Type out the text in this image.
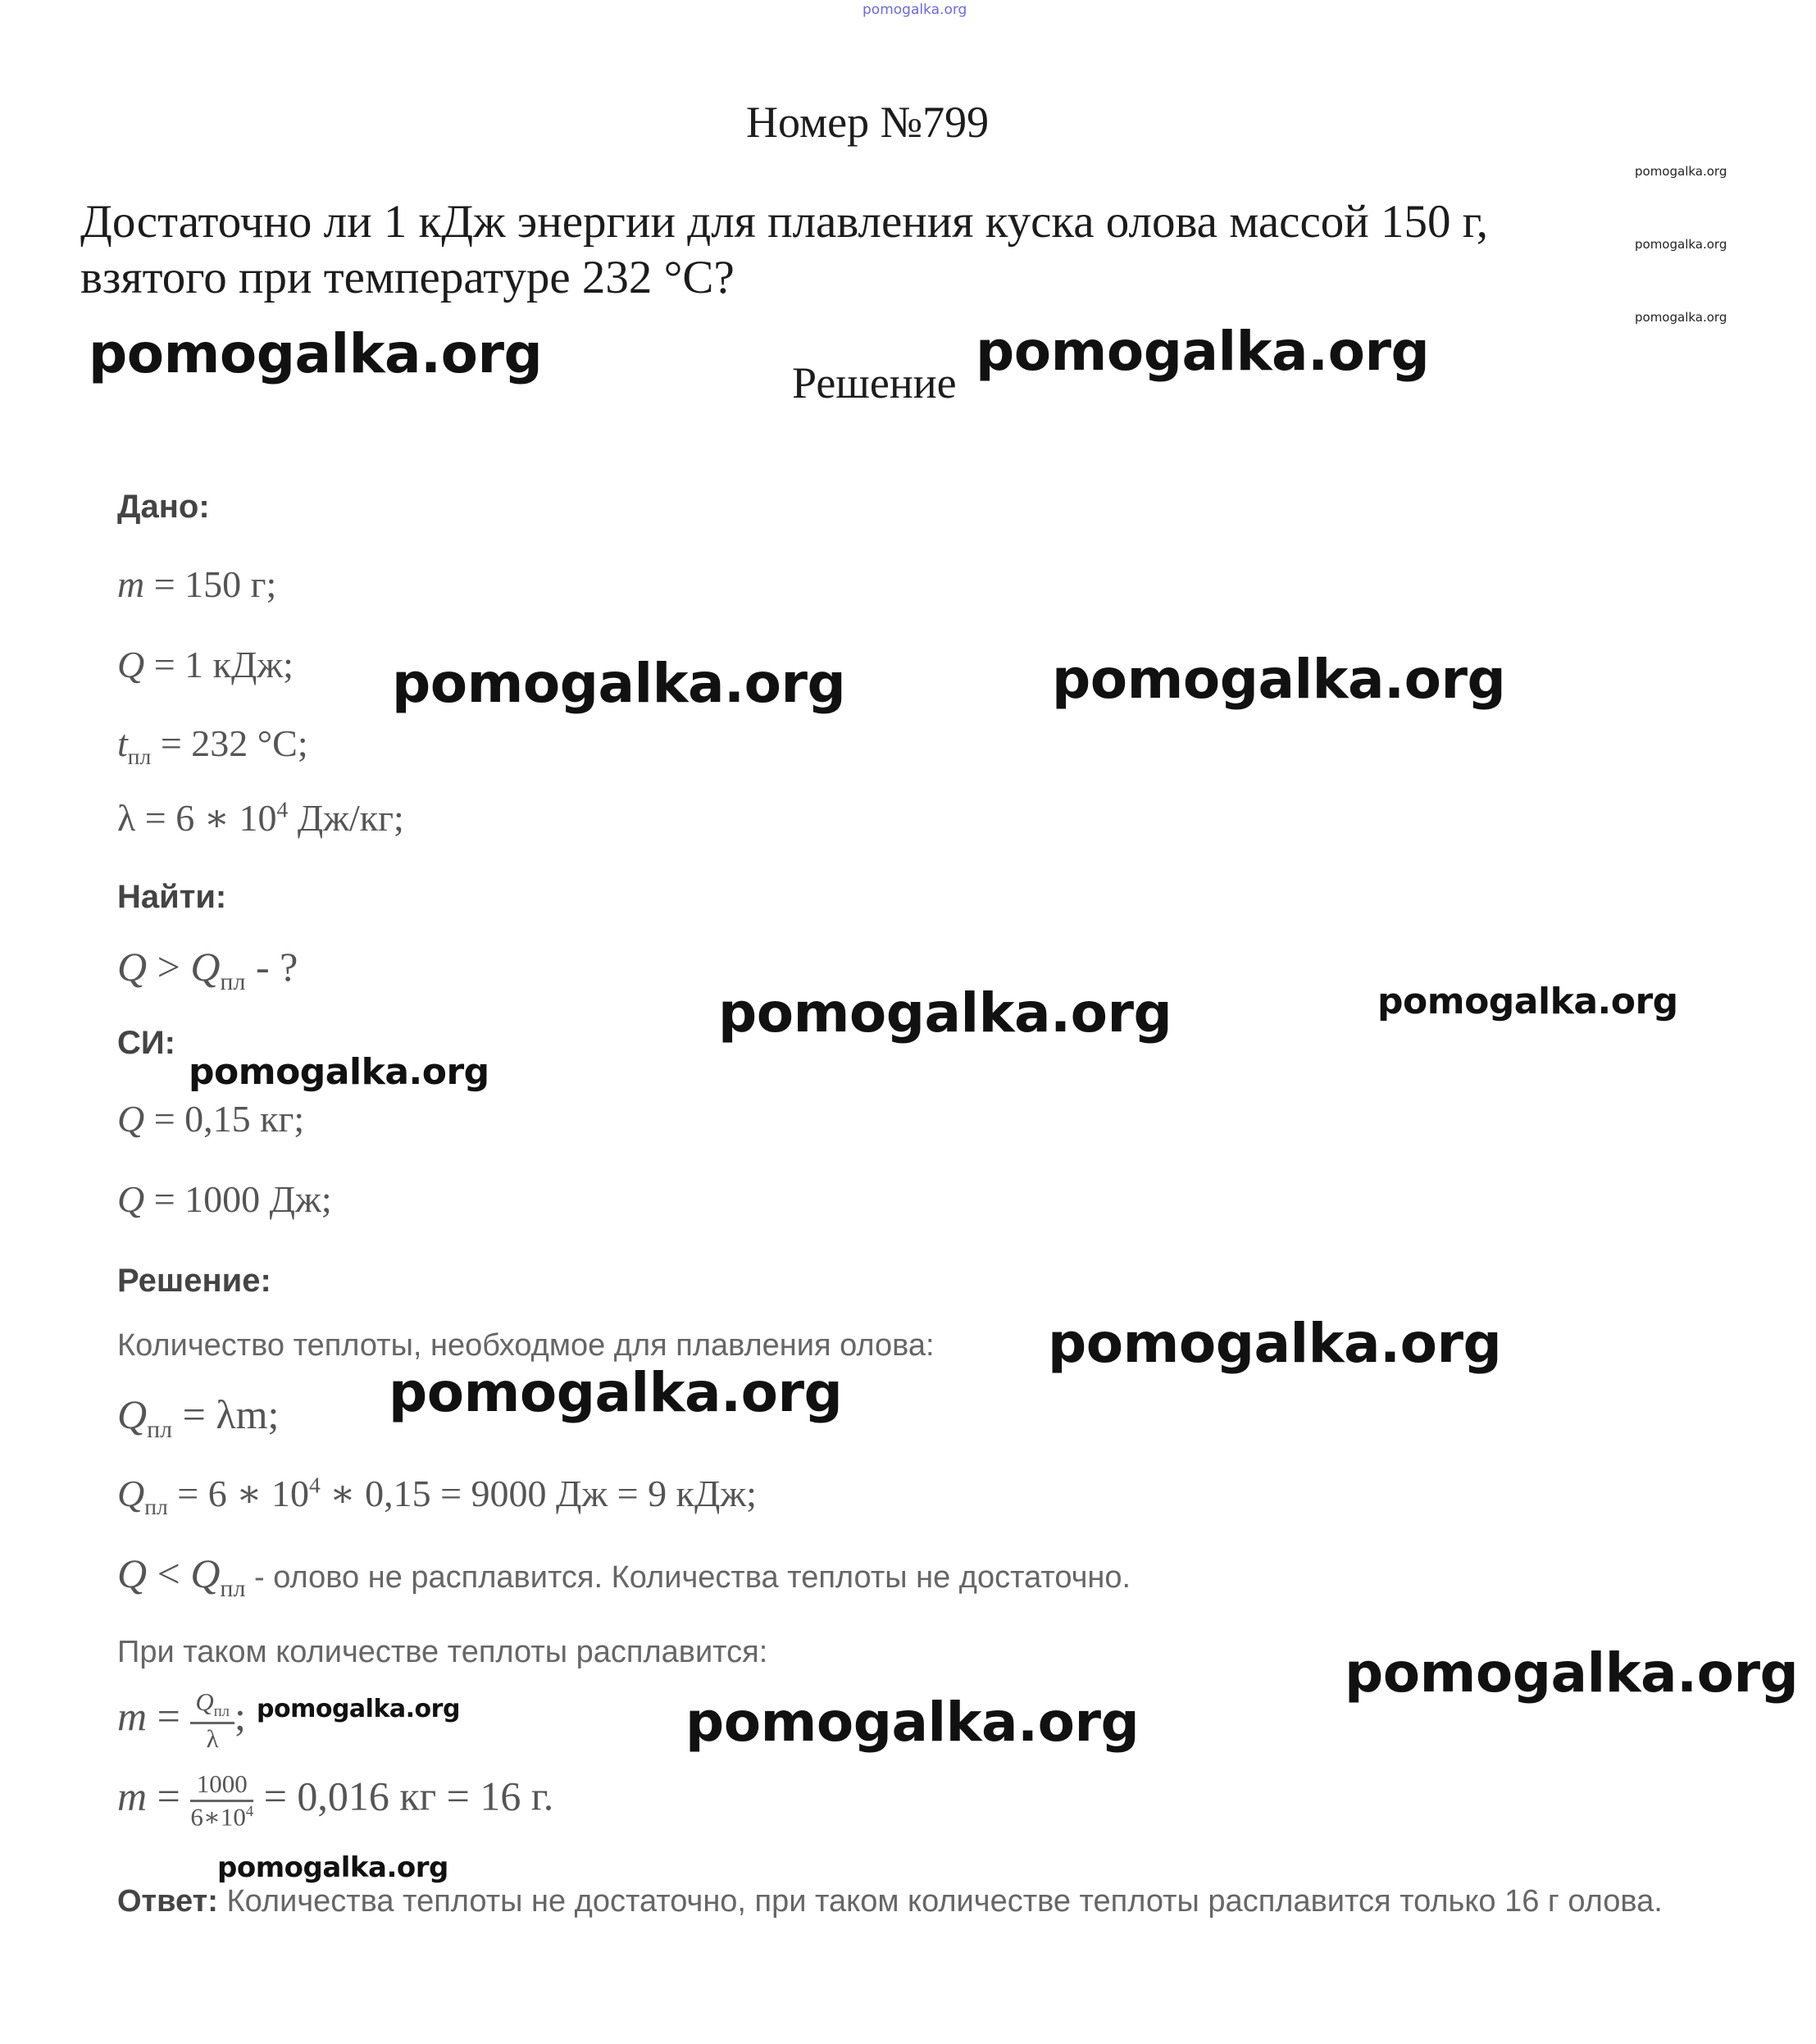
pomogalka.org
Номер №799
Достаточно ли 1 кДж энергии для плавления куска олова массой 150 г,
взятого при температуре 232 °C?
pomogalka.org
pomogalka.org
pomogalka.org
Решение
Дано:
m = 150 г;
Q = 1 кДж;
$t_{пл} = 232$ °C;
λ = 6 ∗ $10^4$ Дж/кг;
Найти:
$Q > Q_{пл}$ - ?
СИ:
Q = 0,15 кг;
Q = 1000 Дж;
Решение:
Количество теплоты, необходмое для плавления олова:
$Q_{пл} = \lambda m$;
$Q_{пл} = 6$ ∗ $10^4$ ∗ 0,15 = 9000 Дж = 9 кДж;
$Q < Q_{пл}$ - олово не расплавится. Количества теплоты не достаточно.
При таком количестве теплоты расплавится:
$m = \frac{Q_{пл}}{\lambda}$ ;
$m = \frac{1000}{6∗10^4} = 0,016$ кг = 16 г.
Ответ: Количества теплоты не достаточно, при таком количестве теплоты расплавится только 16 г олова.
pomogalka.org	pomogalka.org
pomogalka.org	pomogalka.org
pomogalka.org	pomogalka.org
pomogalka.org
pomogalka.org
pomogalka.org
pomogalka.org
pomogalka.org
pomogalka.org
pomogalka.org
